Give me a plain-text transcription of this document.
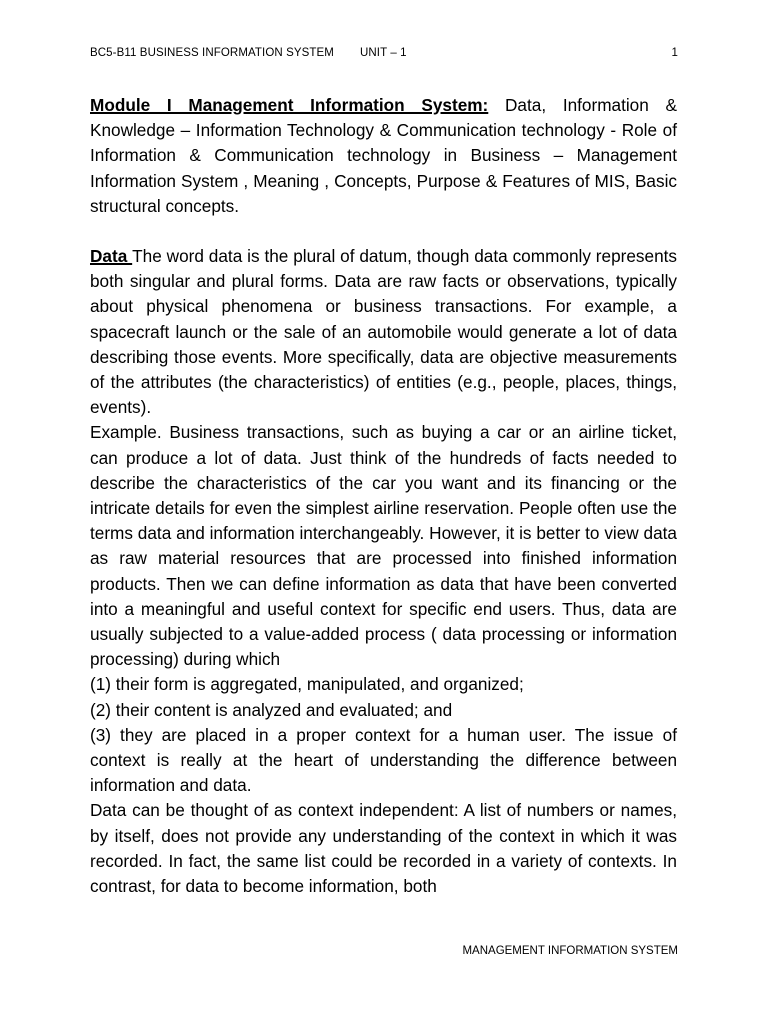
BC5-B11 BUSINESS INFORMATION SYSTEM UNIT – 1	1

Module I Management Information System: Data, Information & Knowledge – Information Technology & Communication technology - Role of Information & Communication technology in Business – Management Information System , Meaning , Concepts, Purpose & Features of MIS, Basic structural concepts.

Data The word data is the plural of datum, though data commonly represents both singular and plural forms. Data are raw facts or observations, typically about physical phenomena or business transactions. For example, a spacecraft launch or the sale of an automobile would generate a lot of data describing those events. More specifically, data are objective measurements of the attributes (the characteristics) of entities (e.g., people, places, things, events).

Example. Business transactions, such as buying a car or an airline ticket, can produce a lot of data. Just think of the hundreds of facts needed to describe the characteristics of the car you want and its financing or the intricate details for even the simplest airline reservation. People often use the terms data and information interchangeably. However, it is better to view data as raw material resources that are processed into finished information products. Then we can define information as data that have been converted into a meaningful and useful context for specific end users. Thus, data are usually subjected to a value-added process ( data processing or information processing) during which

(1) their form is aggregated, manipulated, and organized;

(2) their content is analyzed and evaluated; and

(3) they are placed in a proper context for a human user. The issue of context is really at the heart of understanding the difference between information and data.

Data can be thought of as context independent: A list of numbers or names, by itself, does not provide any understanding of the context in which it was recorded. In fact, the same list could be recorded in a variety of contexts. In contrast, for data to become information, both

MANAGEMENT INFORMATION SYSTEM
